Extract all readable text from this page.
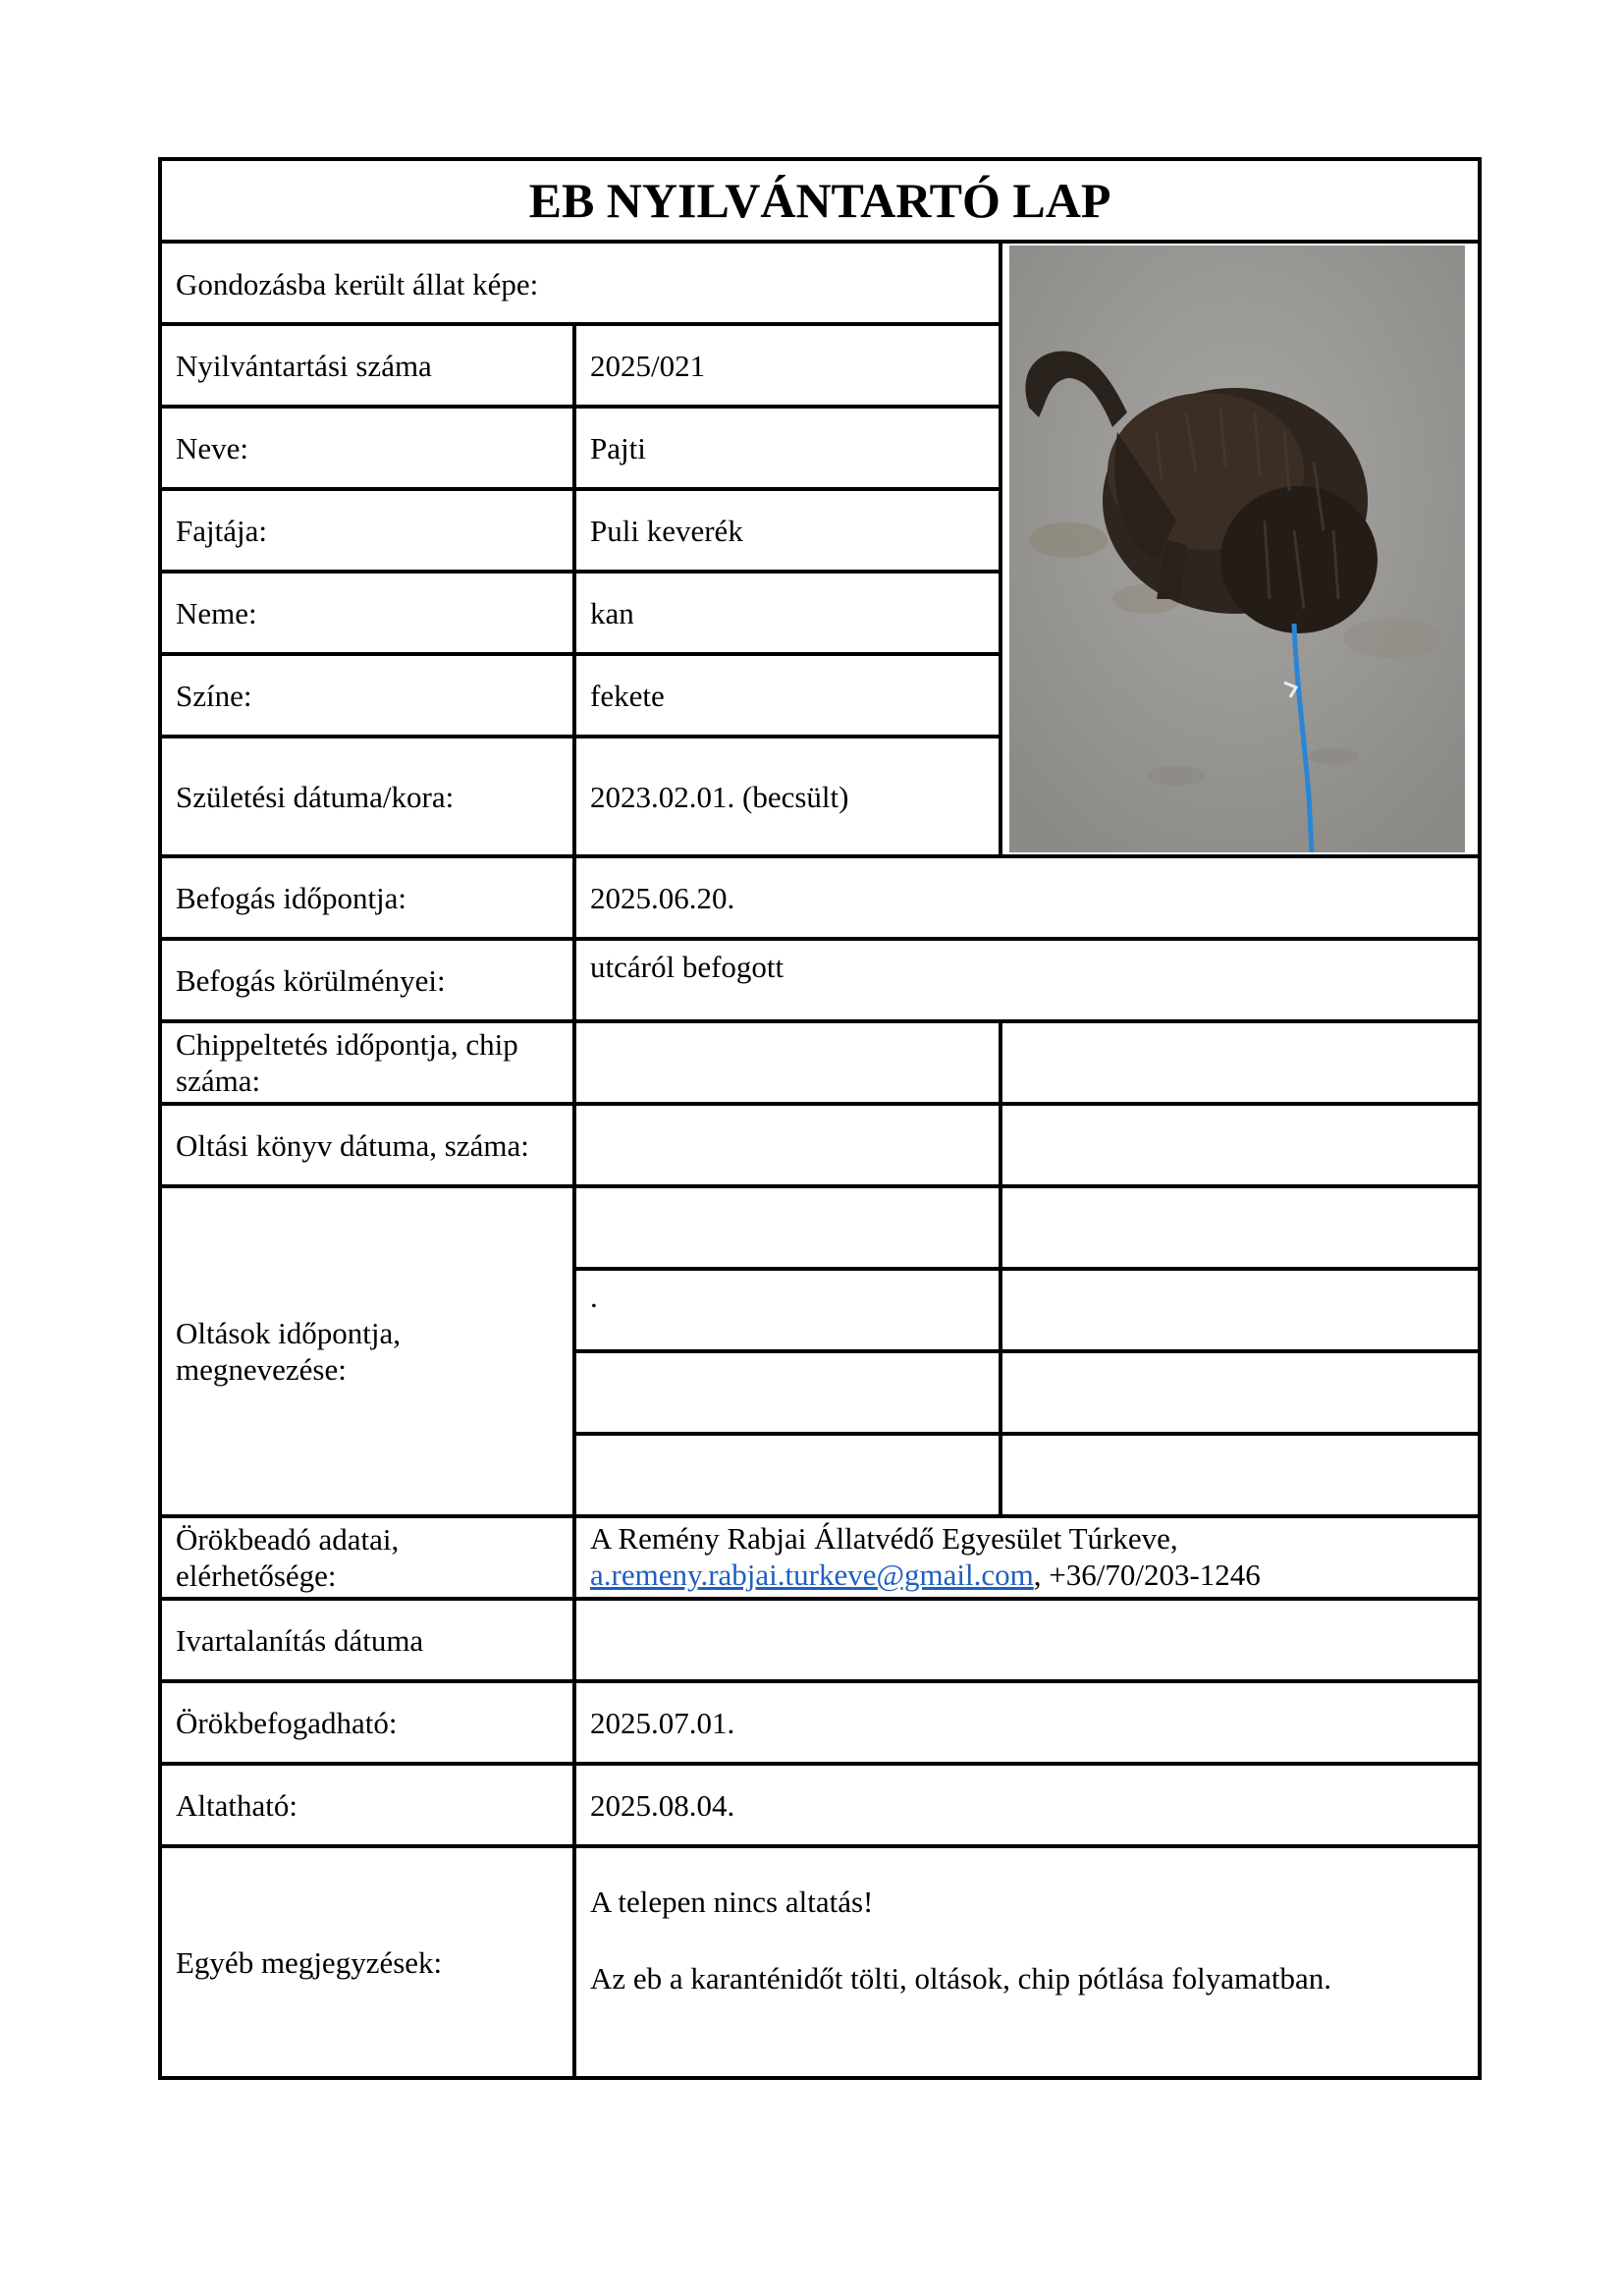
EB NYILVÁNTARTÓ LAP
Gondozásba került állat képe:
Nyilvántartási száma	2025/021
Neve:	Pajti
Fajtája:	Puli keverék
Neme:	kan
Színe:	fekete
Születési dátuma/kora:	2023.02.01. (becsült)
Befogás időpontja:	2025.06.20.
Befogás körülményei:	utcáról befogott
Chippeltetés időpontja, chip száma:
Oltási könyv dátuma, száma:
Oltások időpontja, megnevezése:
.
Örökbeadó adatai, elérhetősége:
A Remény Rabjai Állatvédő Egyesület Túrkeve,
a.remeny.rabjai.turkeve@gmail.com, +36/70/203-1246
Ivartalanítás dátuma
Örökbefogadható:	2025.07.01.
Altatható:	2025.08.04.
Egyéb megjegyzések:
A telepen nincs altatás!
Az eb a karanténidőt tölti, oltások, chip pótlása folyamatban.
